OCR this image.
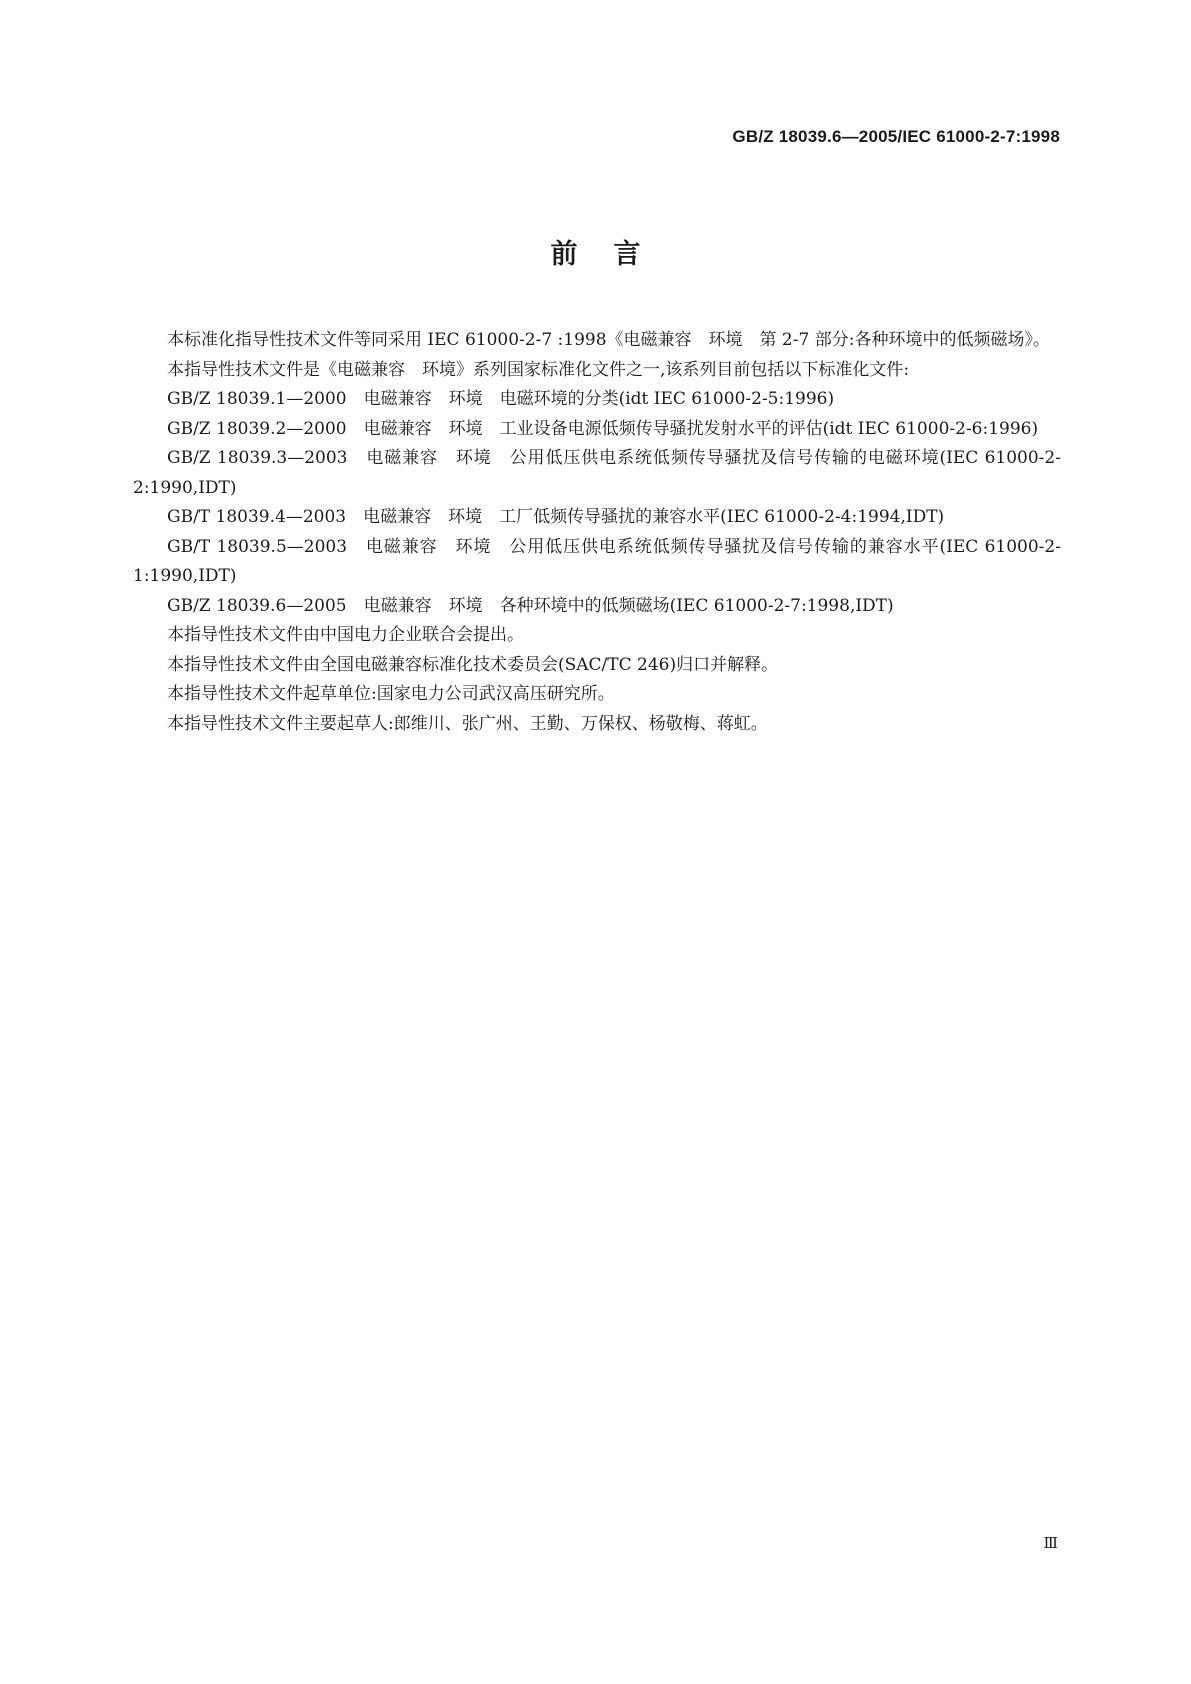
GB/Z 18039.6—2005/IEC 61000-2-7:1998
前言

本标准化指导性技术文件等同采用 IEC 61000-2-7 :1998《电磁兼容　环境　第 2-7 部分:各种环境中的低频磁场》。

本指导性技术文件是《电磁兼容　环境》系列国家标准化文件之一,该系列目前包括以下标准化文件:

GB/Z 18039.1—2000　电磁兼容　环境　电磁环境的分类(idt IEC 61000-2-5:1996)

GB/Z 18039.2—2000　电磁兼容　环境　工业设备电源低频传导骚扰发射水平的评估(idt IEC 61000-2-6:1996)

GB/Z 18039.3—2003　电磁兼容　环境　公用低压供电系统低频传导骚扰及信号传输的电磁环境(IEC 61000-2-2:1990,IDT)

GB/T 18039.4—2003　电磁兼容　环境　工厂低频传导骚扰的兼容水平(IEC 61000-2-4:1994,IDT)

GB/T 18039.5—2003　电磁兼容　环境　公用低压供电系统低频传导骚扰及信号传输的兼容水平(IEC 61000-2-1:1990,IDT)

GB/Z 18039.6—2005　电磁兼容　环境　各种环境中的低频磁场(IEC 61000-2-7:1998,IDT)

本指导性技术文件由中国电力企业联合会提出。

本指导性技术文件由全国电磁兼容标准化技术委员会(SAC/TC 246)归口并解释。

本指导性技术文件起草单位:国家电力公司武汉高压研究所。

本指导性技术文件主要起草人:郎维川、张广州、王勤、万保权、杨敬梅、蒋虹。

Ⅲ
